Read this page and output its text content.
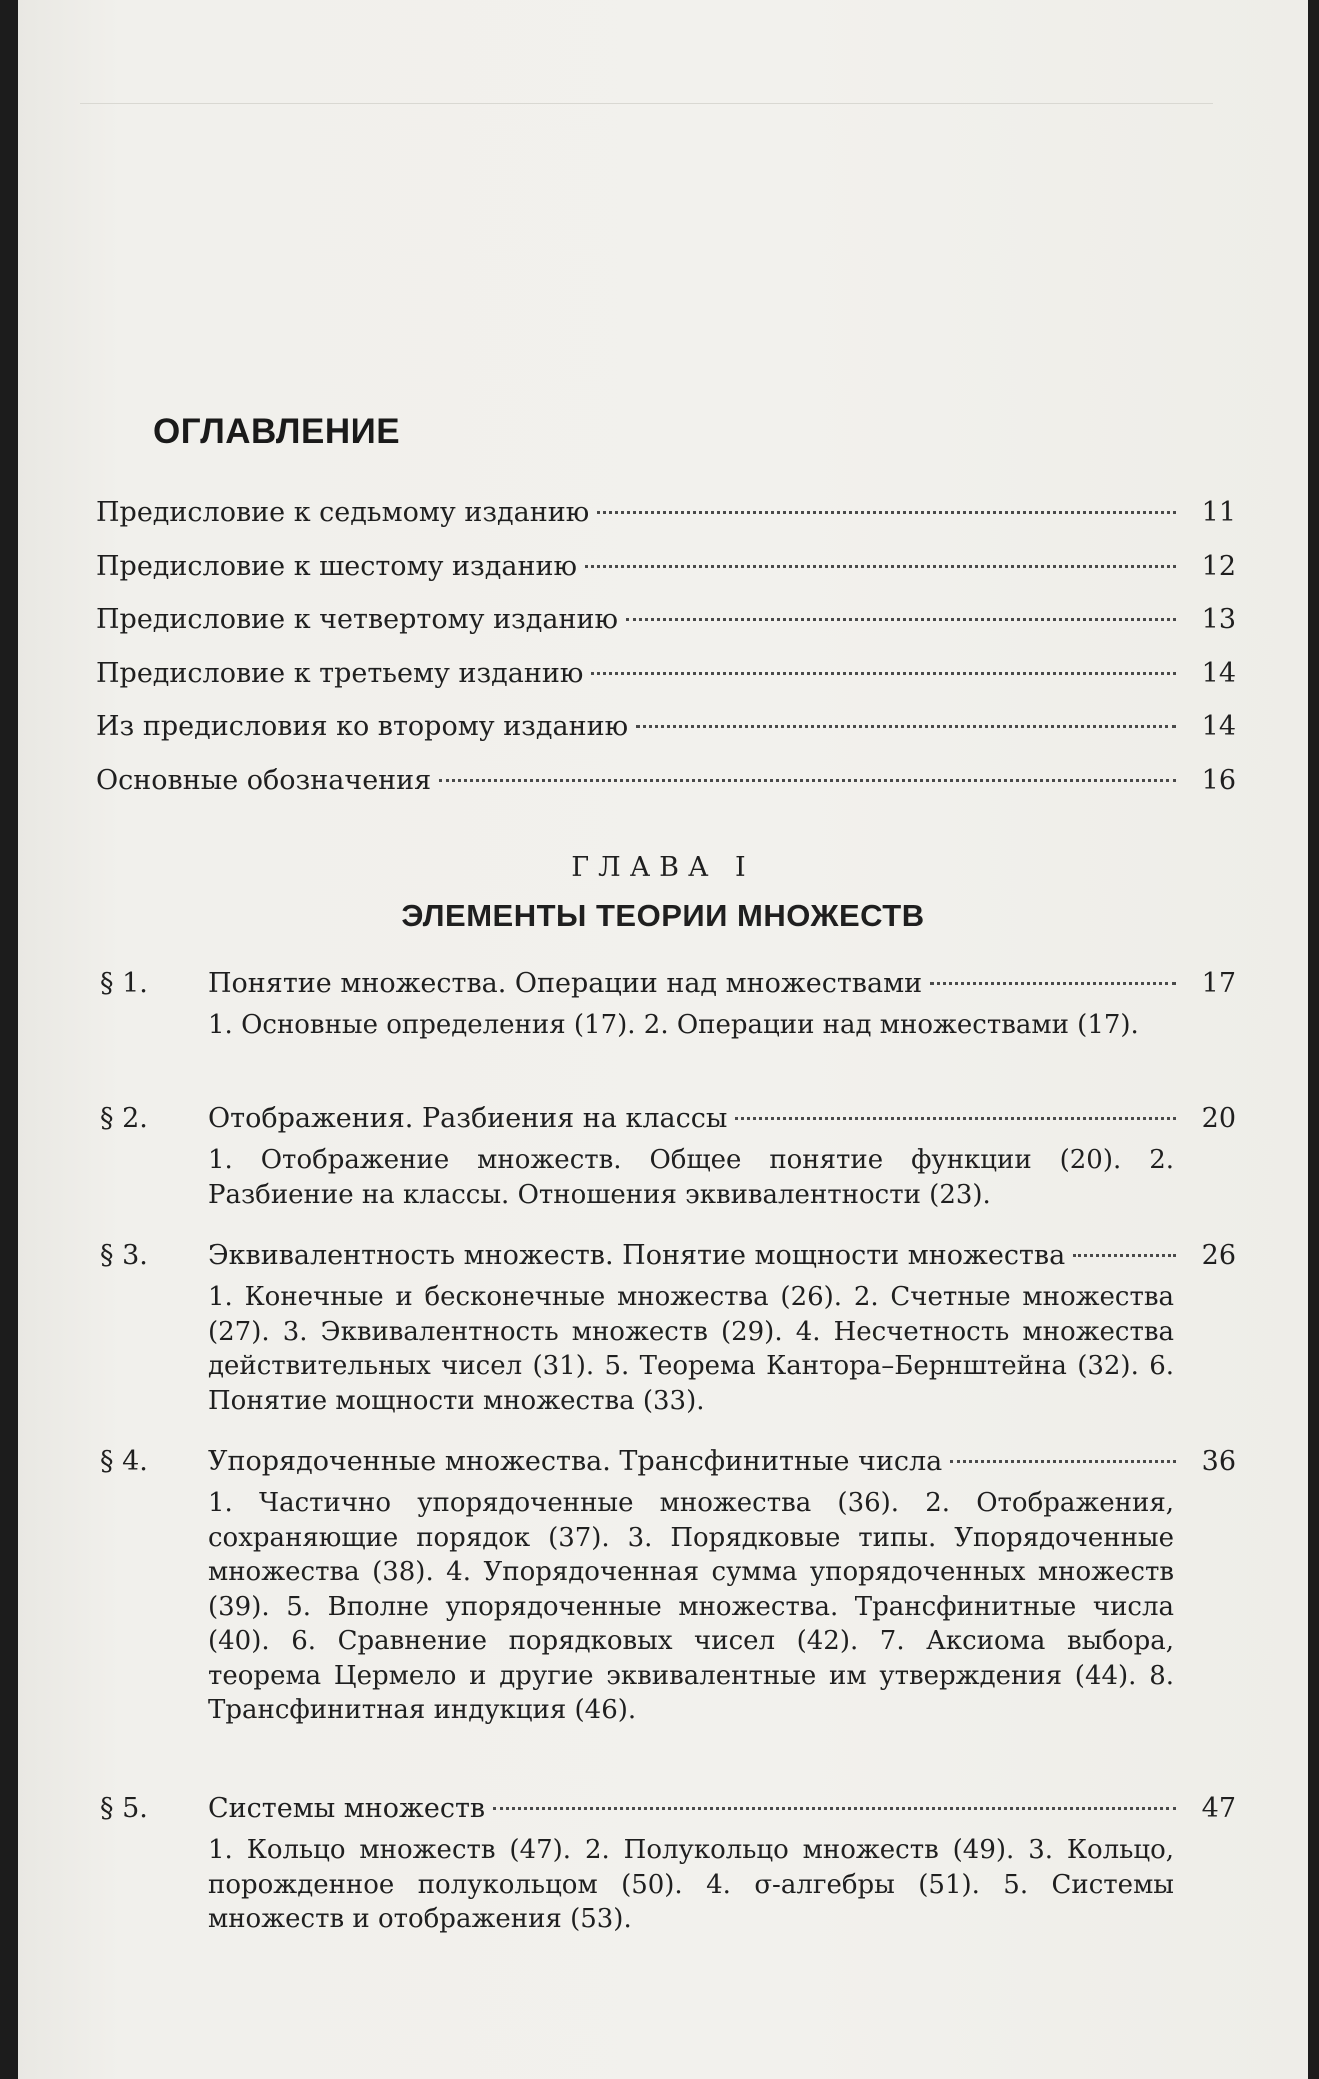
ОГЛАВЛЕНИЕ
Предисловие к седьмому изданию	11
Предисловие к шестому изданию	12
Предисловие к четвертому изданию	13
Предисловие к третьему изданию	14
Из предисловия ко второму изданию	14
Основные обозначения	16
ГЛАВА I
ЭЛЕМЕНТЫ ТЕОРИИ МНОЖЕСТВ
§ 1.	Понятие множества. Операции над множествами	17
1. Основные определения (17). 2. Операции над множествами (17).
§ 2.	Отображения. Разбиения на классы	20
1. Отображение множеств. Общее понятие функции (20). 2. Разбиение на классы. Отношения эквивалентности (23).
§ 3.	Эквивалентность множеств. Понятие мощности множества	26
1. Конечные и бесконечные множества (26). 2. Счетные множества (27). 3. Эквивалентность множеств (29). 4. Несчетность множества действительных чисел (31). 5. Теорема Кантора–Бернштейна (32). 6. Понятие мощности множества (33).
§ 4.	Упорядоченные множества. Трансфинитные числа	36
1. Частично упорядоченные множества (36). 2. Отображения, сохраняющие порядок (37). 3. Порядковые типы. Упорядоченные множества (38). 4. Упорядоченная сумма упорядоченных множеств (39). 5. Вполне упорядоченные множества. Трансфинитные числа (40). 6. Сравнение порядковых чисел (42). 7. Аксиома выбора, теорема Цермело и другие эквивалентные им утверждения (44). 8. Трансфинитная индукция (46).
§ 5.	Системы множеств	47
1. Кольцо множеств (47). 2. Полукольцо множеств (49). 3. Кольцо, порожденное полукольцом (50). 4. σ-алгебры (51). 5. Системы множеств и отображения (53).
